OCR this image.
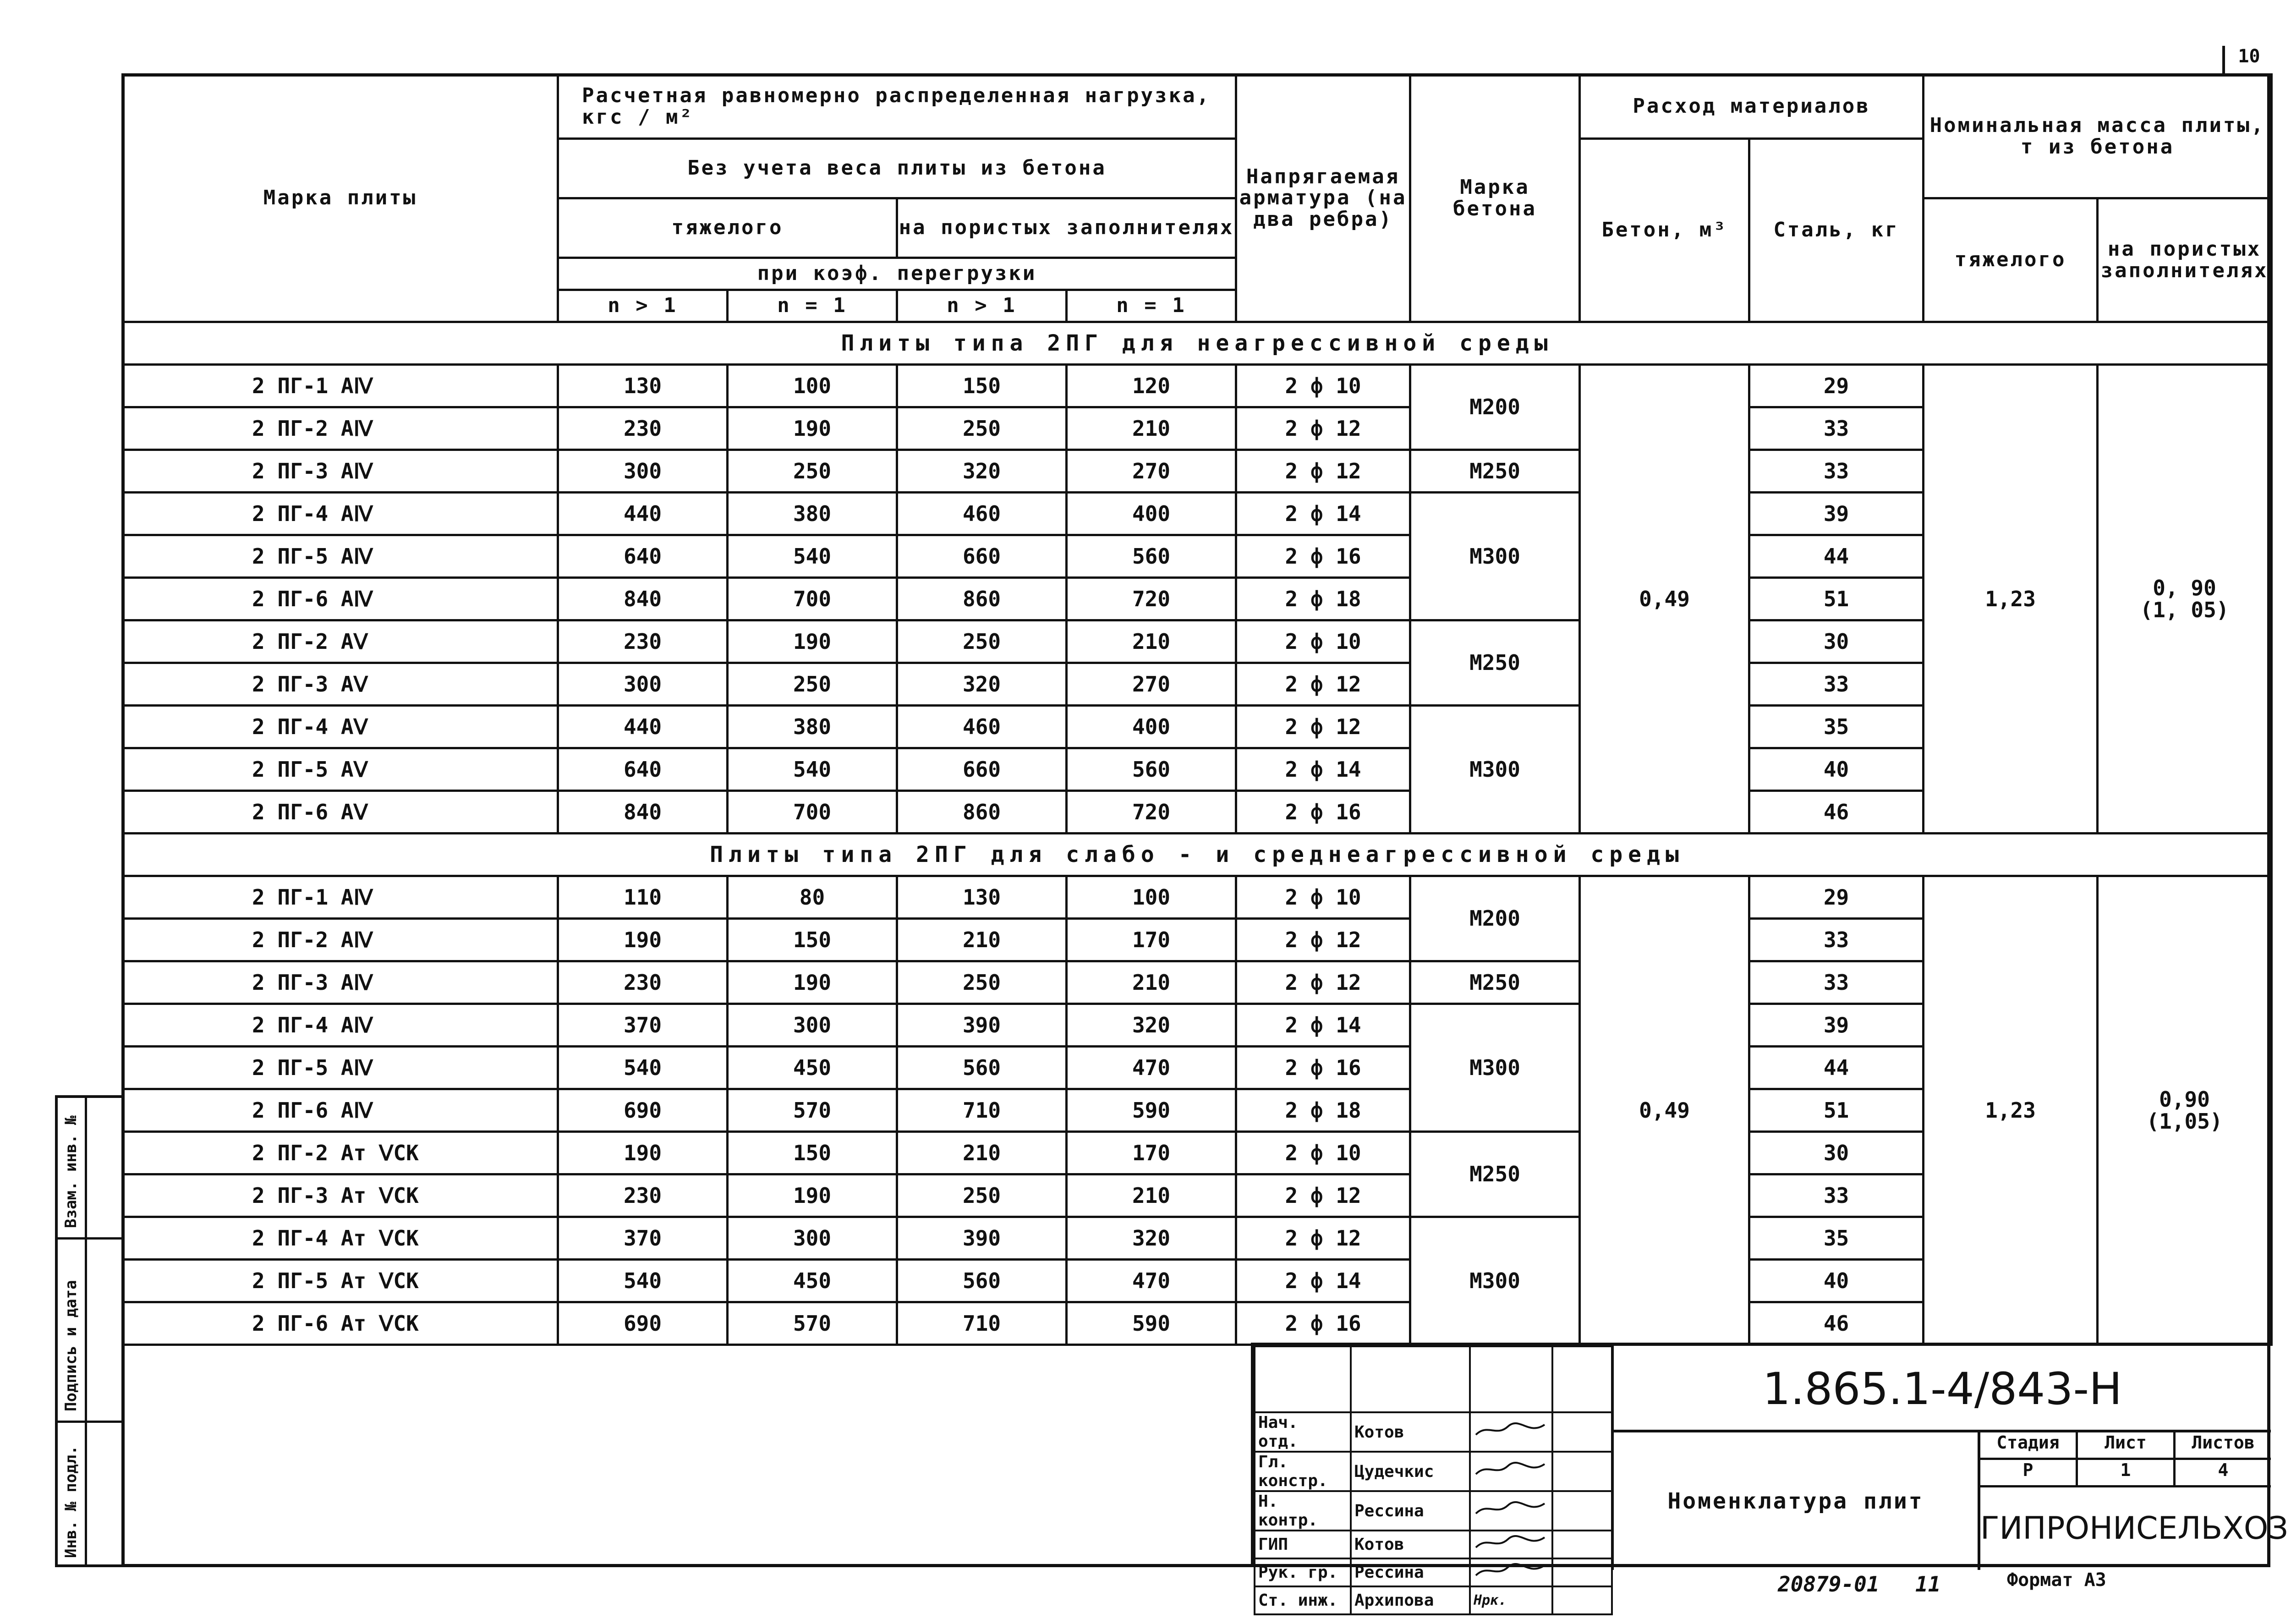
10
Марка плиты	Расчетная равномерно распределенная нагрузка, кгс / м²				Напрягаемая арматура (на два ребра)	Марка бетона	Расход материалов		Номинальная масса плиты, т из бетона	
	Без учета веса плиты из бетона						Бетон, м³	Сталь, кг		
	тяжелого		на пористых заполнителях						тяжелого	на пористых заполнителях
	при коэф. перегрузки									
	n > 1	n = 1	n > 1	n = 1						
Плиты типа 2ПГ для неагрессивной среды										
2 ПГ-1 АⅣ	130	100	150	120	2 ф 10	М200	0,49	29	1,23	0, 90
(1, 05)
2 ПГ-2 АⅣ	230	190	250	210	2 ф 12			33		
2 ПГ-3 АⅣ	300	250	320	270	2 ф 12	М250		33		
2 ПГ-4 АⅣ	440	380	460	400	2 ф 14	М300		39		
2 ПГ-5 АⅣ	640	540	660	560	2 ф 16			44		
2 ПГ-6 АⅣ	840	700	860	720	2 ф 18			51		
2 ПГ-2 АⅤ	230	190	250	210	2 ф 10	М250		30		
2 ПГ-3 АⅤ	300	250	320	270	2 ф 12			33		
2 ПГ-4 АⅤ	440	380	460	400	2 ф 12	М300		35		
2 ПГ-5 АⅤ	640	540	660	560	2 ф 14			40		
2 ПГ-6 АⅤ	840	700	860	720	2 ф 16			46		
Плиты типа 2ПГ для слабо - и среднеагрессивной среды										
2 ПГ-1 АⅣ	110	80	130	100	2 ф 10	М200	0,49	29	1,23	0,90
(1,05)
2 ПГ-2 АⅣ	190	150	210	170	2 ф 12			33		
2 ПГ-3 АⅣ	230	190	250	210	2 ф 12	М250		33		
2 ПГ-4 АⅣ	370	300	390	320	2 ф 14	М300		39		
2 ПГ-5 АⅣ	540	450	560	470	2 ф 16			44		
2 ПГ-6 АⅣ	690	570	710	590	2 ф 18			51		
2 ПГ-2 Ат ⅤСК	190	150	210	170	2 ф 10	М250		30		
2 ПГ-3 Ат ⅤСК	230	190	250	210	2 ф 12			33		
2 ПГ-4 Ат ⅤСК	370	300	390	320	2 ф 12	М300		35		
2 ПГ-5 Ат ⅤСК	540	450	560	470	2 ф 14			40		
2 ПГ-6 Ат ⅤСК	690	570	710	590	2 ф 16			46		

Нач. отд.	Котов		
Гл. констр.	Цудечкис		
Н. контр.	Рессина		
ГИП	Котов		
Рук. гр.	Рессина		
Ст. инж.	Архипова	Нрк.	
1.865.1-4/843-Н
Номенклатура плит
Стадия	Лист	Листов
Р	1	4
ГИПРОНИСЕЛЬХОЗ
Взам. инв. №
Подпись и дата
Инв. № подл.
20879-01 11	Формат А3
